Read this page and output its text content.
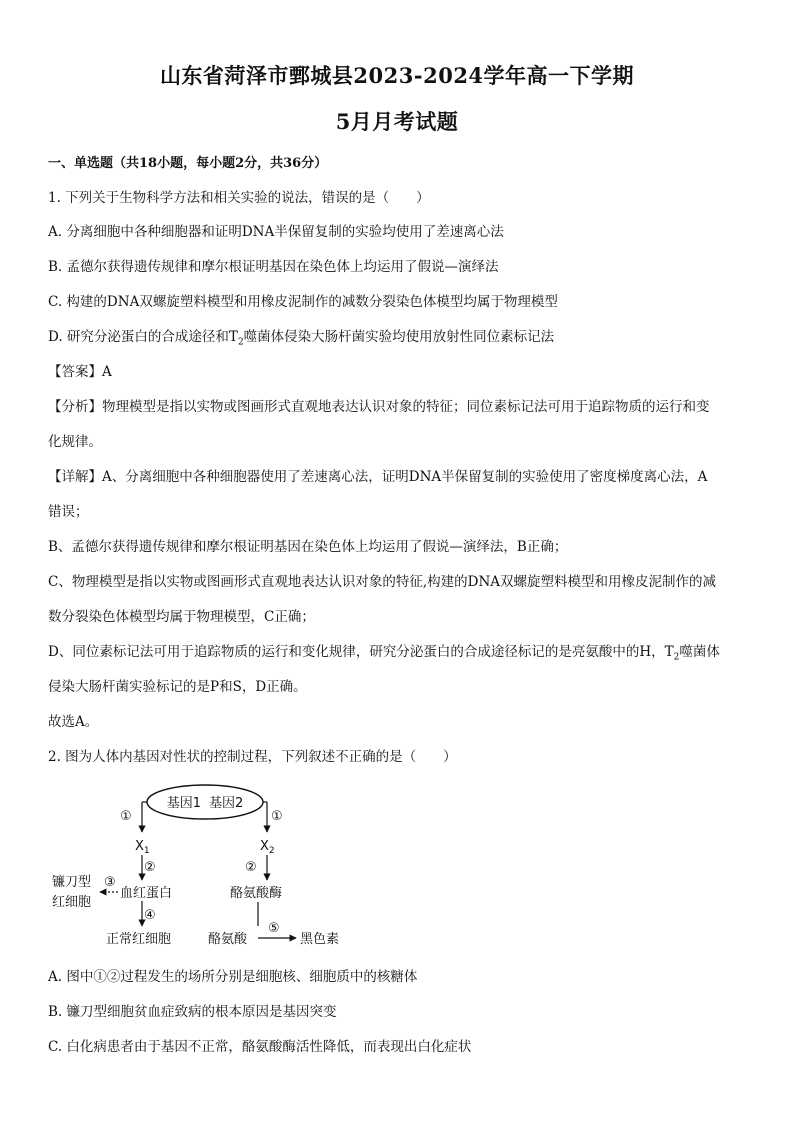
山东省菏泽市鄄城县2023-2024学年高一下学期
5月月考试题
一、单选题（共18小题，每小题2分，共36分）
1. 下列关于生物科学方法和相关实验的说法，错误的是（　　）
A. 分离细胞中各种细胞器和证明DNA半保留复制的实验均使用了差速离心法
B. 孟德尔获得遗传规律和摩尔根证明基因在染色体上均运用了假说—演绎法
C. 构建的DNA双螺旋塑料模型和用橡皮泥制作的减数分裂染色体模型均属于物理模型
D. 研究分泌蛋白的合成途径和$T_2$噬菌体侵染大肠杆菌实验均使用放射性同位素标记法
【答案】A
【分析】物理模型是指以实物或图画形式直观地表达认识对象的特征；同位素标记法可用于追踪物质的运行和变
化规律。
【详解】A、分离细胞中各种细胞器使用了差速离心法，证明DNA半保留复制的实验使用了密度梯度离心法，A
错误；
B、孟德尔获得遗传规律和摩尔根证明基因在染色体上均运用了假说—演绎法，B正确；
C、物理模型是指以实物或图画形式直观地表达认识对象的特征,构建的DNA双螺旋塑料模型和用橡皮泥制作的减
数分裂染色体模型均属于物理模型，C正确；
D、同位素标记法可用于追踪物质的运行和变化规律，研究分泌蛋白的合成途径标记的是亮氨酸中的H，$T_2$噬菌体
侵染大肠杆菌实验标记的是P和S，D正确。
故选A。
2. 图为人体内基因对性状的控制过程，下列叙述不正确的是（　　）
基因1 基因2
①
$X_1$
②
血红蛋白
③
镰刀型
红细胞
④
正常红细胞
①
$X_2$
②
酪氨酸酶
酪氨酸
⑤
黑色素
A. 图中①②过程发生的场所分别是细胞核、细胞质中的核糖体
B. 镰刀型细胞贫血症致病的根本原因是基因突变
C. 白化病患者由于基因不正常，酪氨酸酶活性降低，而表现出白化症状
